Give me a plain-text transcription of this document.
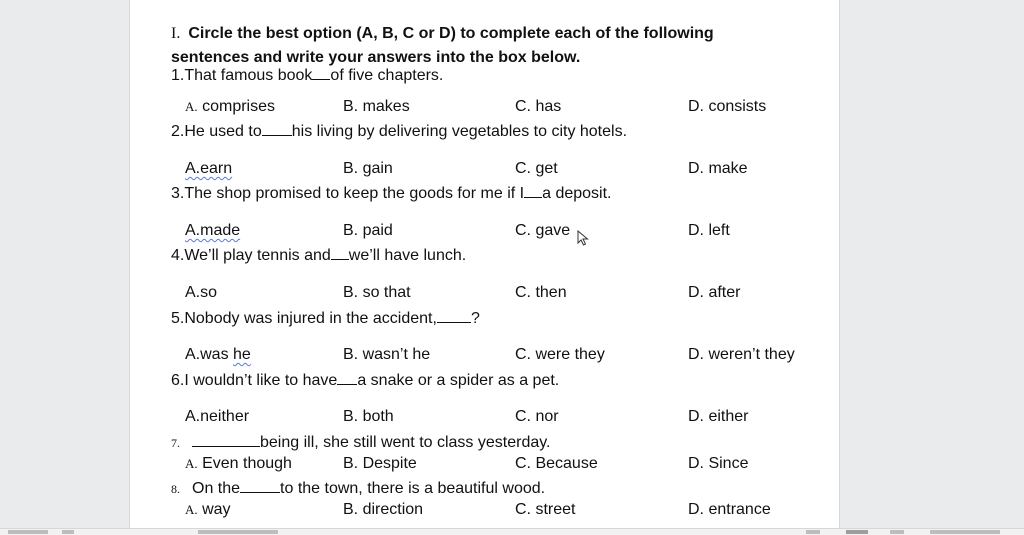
I. Circle the best option (A, B, C or D) to complete each of the following sentences and write your answers into the box below.
1.That famous book of five chapters.
A. comprises	B. makes	C. has	D. consists
2.He used to his living by delivering vegetables to city hotels.
A.earn	B. gain	C. get	D. make
3.The shop promised to keep the goods for me if I a deposit.
A.made	B. paid	C. gave	D. left
4.We’ll play tennis and we’ll have lunch.
A.so	B. so that	C. then	D. after
5.Nobody was injured in the accident, ?
A.was he	B. wasn’t he	C. were they	D. weren’t they
6.I wouldn’t like to have a snake or a spider as a pet.
A.neither	B. both	C. nor	D. either
7.	being ill, she still went to class yesterday.
A. Even though	B. Despite	C. Because	D. Since
8. On the	to the town, there is a beautiful wood.
A. way	B. direction	C. street	D. entrance
